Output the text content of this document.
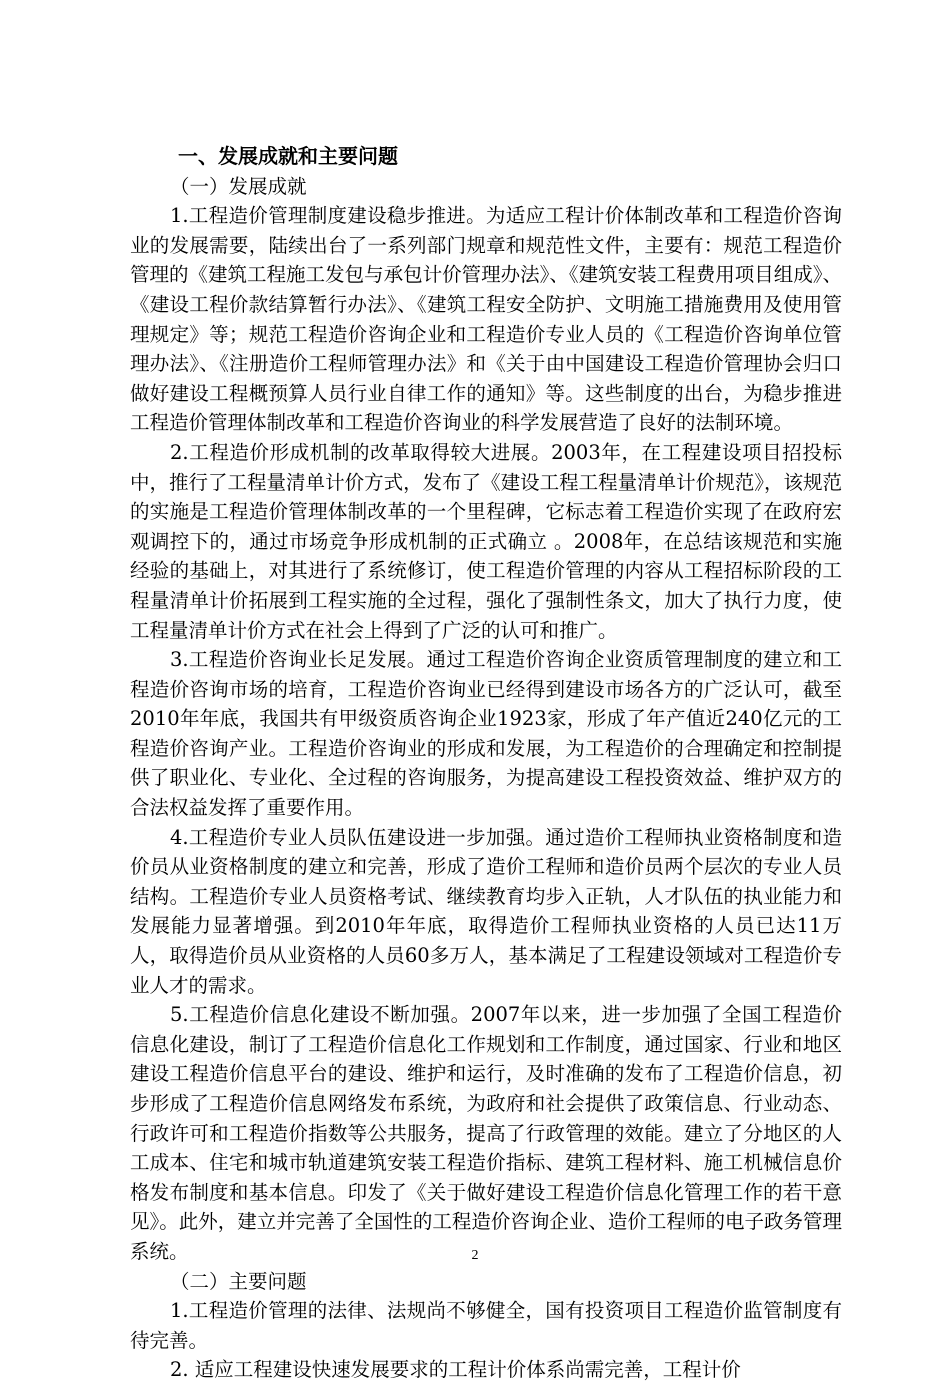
一、发展成就和主要问题
（一）发展成就

1.工程造价管理制度建设稳步推进。为适应工程计价体制改革和工程造价咨询业的发展需要，陆续出台了一系列部门规章和规范性文件，主要有：规范工程造价管理的《建筑工程施工发包与承包计价管理办法》、《建筑安装工程费用项目组成》、《建设工程价款结算暂行办法》、《建筑工程安全防护、文明施工措施费用及使用管理规定》等；规范工程造价咨询企业和工程造价专业人员的《工程造价咨询单位管理办法》、《注册造价工程师管理办法》和《关于由中国建设工程造价管理协会归口做好建设工程概预算人员行业自律工作的通知》等。这些制度的出台，为稳步推进工程造价管理体制改革和工程造价咨询业的科学发展营造了良好的法制环境。

2.工程造价形成机制的改革取得较大进展。2003年，在工程建设项目招投标中，推行了工程量清单计价方式，发布了《建设工程工程量清单计价规范》，该规范的实施是工程造价管理体制改革的一个里程碑，它标志着工程造价实现了在政府宏观调控下的，通过市场竞争形成机制的正式确立 。2008年，在总结该规范和实施经验的基础上，对其进行了系统修订，使工程造价管理的内容从工程招标阶段的工程量清单计价拓展到工程实施的全过程，强化了强制性条文，加大了执行力度，使工程量清单计价方式在社会上得到了广泛的认可和推广。

3.工程造价咨询业长足发展。通过工程造价咨询企业资质管理制度的建立和工程造价咨询市场的培育，工程造价咨询业已经得到建设市场各方的广泛认可，截至2010年年底，我国共有甲级资质咨询企业1923家，形成了年产值近240亿元的工程造价咨询产业。工程造价咨询业的形成和发展，为工程造价的合理确定和控制提供了职业化、专业化、全过程的咨询服务，为提高建设工程投资效益、维护双方的合法权益发挥了重要作用。

4.工程造价专业人员队伍建设进一步加强。通过造价工程师执业资格制度和造价员从业资格制度的建立和完善，形成了造价工程师和造价员两个层次的专业人员结构。工程造价专业人员资格考试、继续教育均步入正轨，人才队伍的执业能力和发展能力显著增强。到2010年年底，取得造价工程师执业资格的人员已达11万人，取得造价员从业资格的人员60多万人，基本满足了工程建设领域对工程造价专业人才的需求。

5.工程造价信息化建设不断加强。2007年以来，进一步加强了全国工程造价信息化建设，制订了工程造价信息化工作规划和工作制度，通过国家、行业和地区建设工程造价信息平台的建设、维护和运行，及时准确的发布了工程造价信息，初步形成了工程造价信息网络发布系统，为政府和社会提供了政策信息、行业动态、行政许可和工程造价指数等公共服务，提高了行政管理的效能。建立了分地区的人工成本、住宅和城市轨道建筑安装工程造价指标、建筑工程材料、施工机械信息价格发布制度和基本信息。印发了《关于做好建设工程造价信息化管理工作的若干意见》。此外，建立并完善了全国性的工程造价咨询企业、造价工程师的电子政务管理系统。

（二）主要问题

1.工程造价管理的法律、法规尚不够健全，国有投资项目工程造价监管制度有待完善。

2. 适应工程建设快速发展要求的工程计价体系尚需完善，工程计价

2
